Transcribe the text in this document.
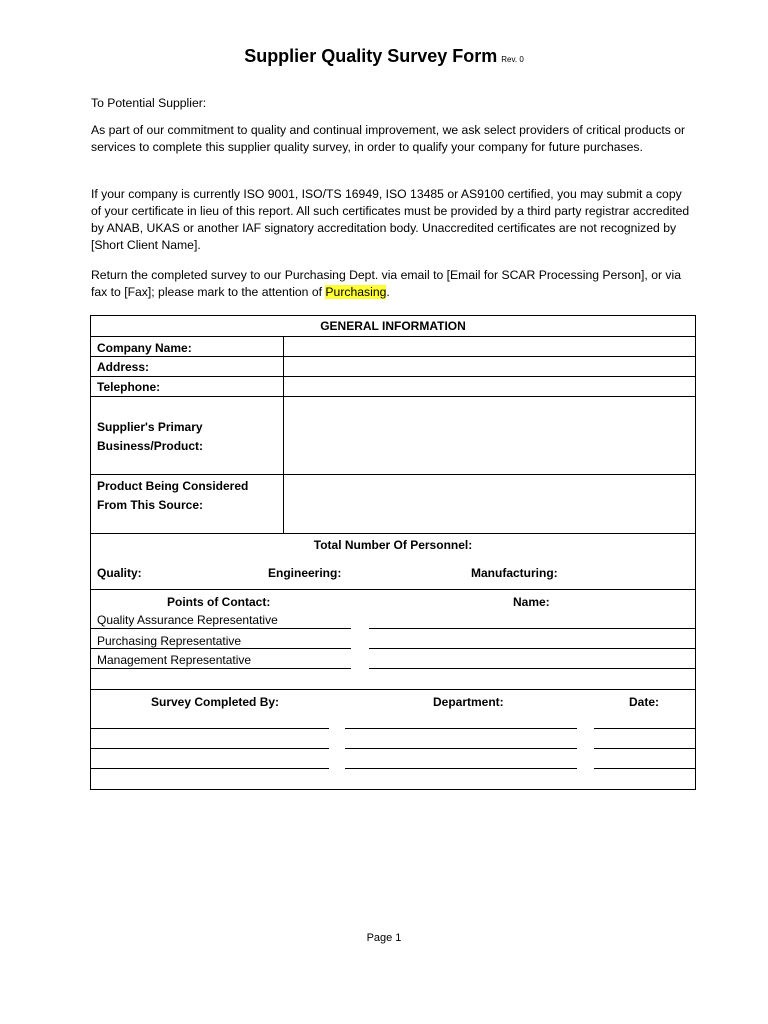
Supplier Quality Survey Form Rev. 0

To Potential Supplier:

As part of our commitment to quality and continual improvement, we ask select providers of critical products or services to complete this supplier quality survey, in order to qualify your company for future purchases.

If your company is currently ISO 9001, ISO/TS 16949, ISO 13485 or AS9100 certified, you may submit a copy of your certificate in lieu of this report. All such certificates must be provided by a third party registrar accredited by ANAB, UKAS or another IAF signatory accreditation body. Unaccredited certificates are not recognized by [Short Client Name].

Return the completed survey to our Purchasing Dept. via email to [Email for SCAR Processing Person], or via fax to [Fax]; please mark to the attention of Purchasing.

GENERAL INFORMATION
Company Name:
Address:
Telephone:
Supplier's Primary
Business/Product:
Product Being Considered
From This Source:
Total Number Of Personnel:
Quality:	Engineering:	Manufacturing:
Points of Contact:	Name:
Quality Assurance Representative
Purchasing Representative
Management Representative
Survey Completed By:	Department:	Date:
Page 1
